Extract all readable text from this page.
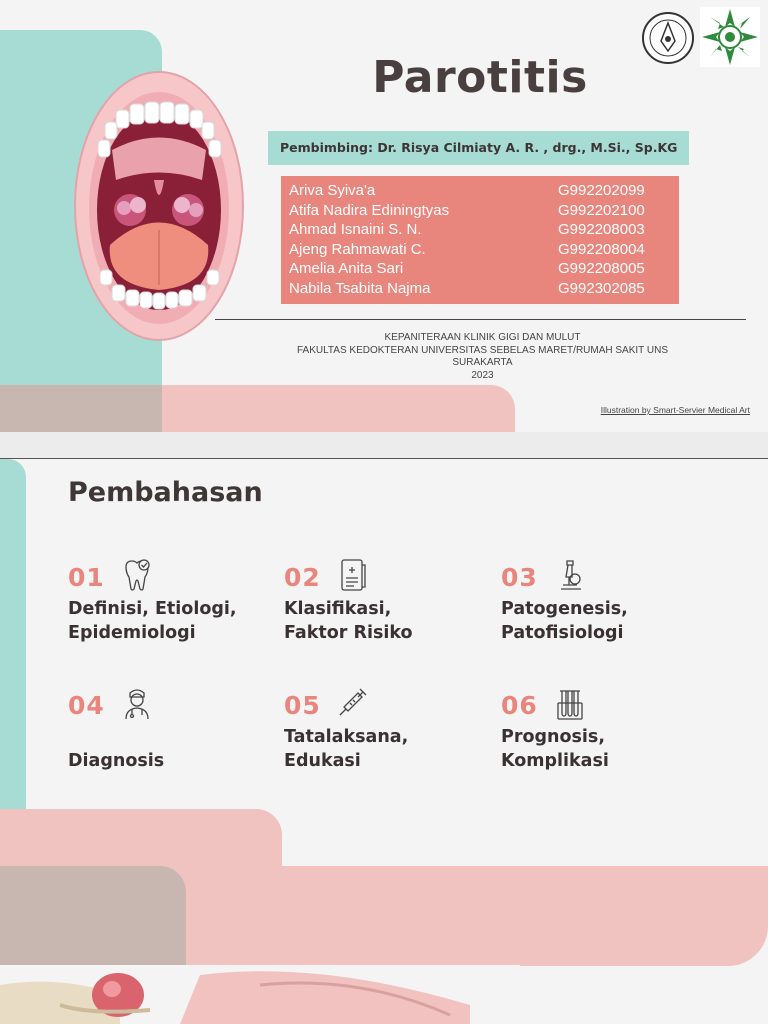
Parotitis
Pembimbing: Dr. Risya Cilmiaty A. R. , drg., M.Si., Sp.KG
Ariva Syiva'a	G992202099
Atifa Nadira Ediningtyas	G992202100
Ahmad Isnaini S. N.	G992208003
Ajeng Rahmawati C.	G992208004
Amelia Anita Sari	G992208005
Nabila Tsabita Najma	G992302085
KEPANITERAAN KLINIK GIGI DAN MULUT
FAKULTAS KEDOKTERAN UNIVERSITAS SEBELAS MARET/RUMAH SAKIT UNS
SURAKARTA
2023
Illustration by Smart-Servier Medical Art
Pembahasan
01
Definisi, Etiologi,
Epidemiologi
02
Klasifikasi,
Faktor Risiko
03
Patogenesis,
Patofisiologi
04
Diagnosis
05
Tatalaksana,
Edukasi
06
Prognosis,
Komplikasi
